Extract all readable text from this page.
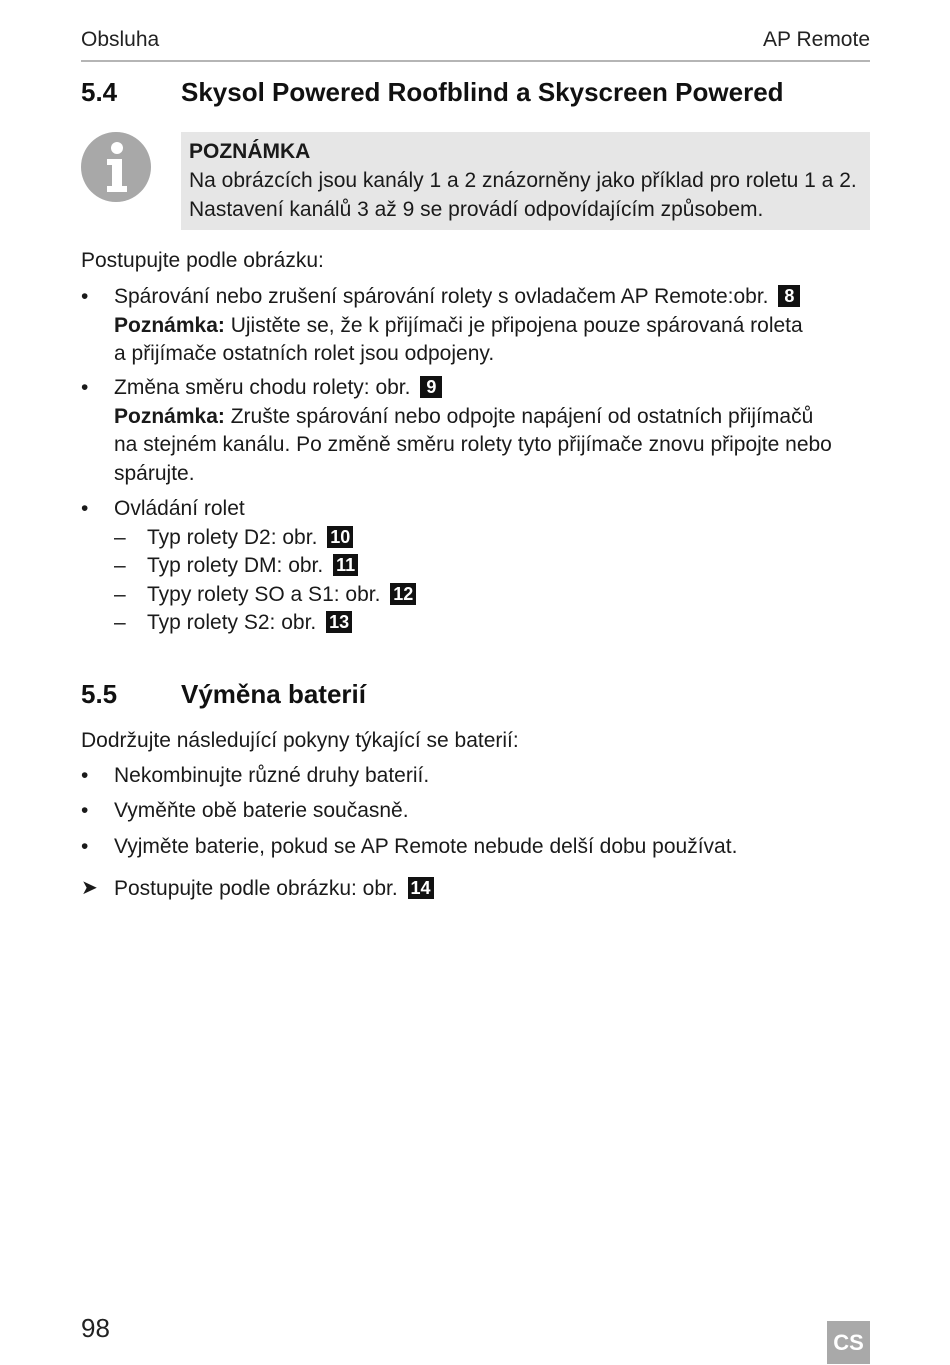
Obsluha	AP Remote
5.4	Skysol Powered Roofblind a Skyscreen Powered
POZNÁMKA
Na obrázcích jsou kanály 1 a 2 znázorněny jako příklad pro roletu 1 a 2.
Nastavení kanálů 3 až 9 se provádí odpovídajícím způsobem.
Postupujte podle obrázku:
•	Spárování nebo zrušení spárování rolety s ovladačem AP Remote:obr. 8
Poznámka: Ujistěte se, že k přijímači je připojena pouze spárovaná roleta
a přijímače ostatních rolet jsou odpojeny.
•	Změna směru chodu rolety: obr. 9
Poznámka: Zrušte spárování nebo odpojte napájení od ostatních přijímačů
na stejném kanálu. Po změně směru rolety tyto přijímače znovu připojte nebo
spárujte.
•	Ovládání rolet
– Typ rolety D2: obr. 10
– Typ rolety DM: obr. 11
– Typy rolety SO a S1: obr. 12
– Typ rolety S2: obr. 13
5.5	Výměna baterií
Dodržujte následující pokyny týkající se baterií:
•	Nekombinujte různé druhy baterií.
•	Vyměňte obě baterie současně.
•	Vyjměte baterie, pokud se AP Remote nebude delší dobu používat.
➤ Postupujte podle obrázku: obr. 14
98	CS
